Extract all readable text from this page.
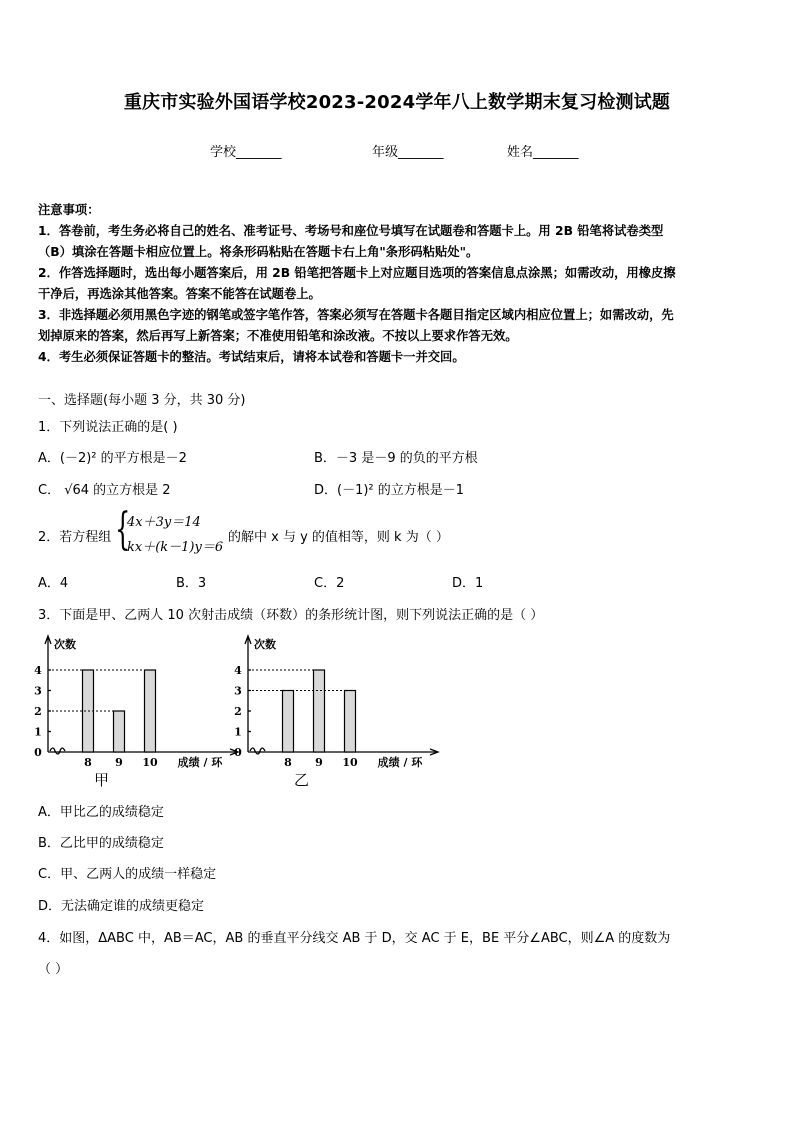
重庆市实验外国语学校2023-2024学年八上数学期末复习检测试题
学校_______	年级_______	姓名_______
注意事项：
1．答卷前，考生务必将自己的姓名、准考证号、考场号和座位号填写在试题卷和答题卡上。用 2B 铅笔将试卷类型
（B）填涂在答题卡相应位置上。将条形码粘贴在答题卡右上角"条形码粘贴处"。
2．作答选择题时，选出每小题答案后，用 2B 铅笔把答题卡上对应题目选项的答案信息点涂黑；如需改动，用橡皮擦
干净后，再选涂其他答案。答案不能答在试题卷上。
3．非选择题必须用黑色字迹的钢笔或签字笔作答，答案必须写在答题卡各题目指定区域内相应位置上；如需改动，先
划掉原来的答案，然后再写上新答案；不准使用铅笔和涂改液。不按以上要求作答无效。
4．考生必须保证答题卡的整洁。考试结束后，请将本试卷和答题卡一并交回。
一、选择题(每小题 3 分，共 30 分)
1．下列说法正确的是( )
A．(－2)² 的平方根是－2	B．－3 是－9 的负的平方根
C． √64 的立方根是 2	D．(－1)² 的立方根是－1
2．若方程组 {
4x＋3y＝14
kx＋(k－1)y＝6
的解中 x 与 y 的值相等，则 k 为（ ）
A．4	B．3	C．2	D．1
3．下面是甲、乙两人 10 次射击成绩（环数）的条形统计图，则下列说法正确的是（ ）
次数
0
1
2
3
4
8 9 10 成绩 / 环
甲
次数
0
1
2
3
4
8 9 10 成绩 / 环
乙
A．甲比乙的成绩稳定
B．乙比甲的成绩稳定
C．甲、乙两人的成绩一样稳定
D．无法确定谁的成绩更稳定
4．如图，ΔABC 中，AB＝AC，AB 的垂直平分线交 AB 于 D，交 AC 于 E，BE 平分∠ABC，则∠A 的度数为
（ ）
